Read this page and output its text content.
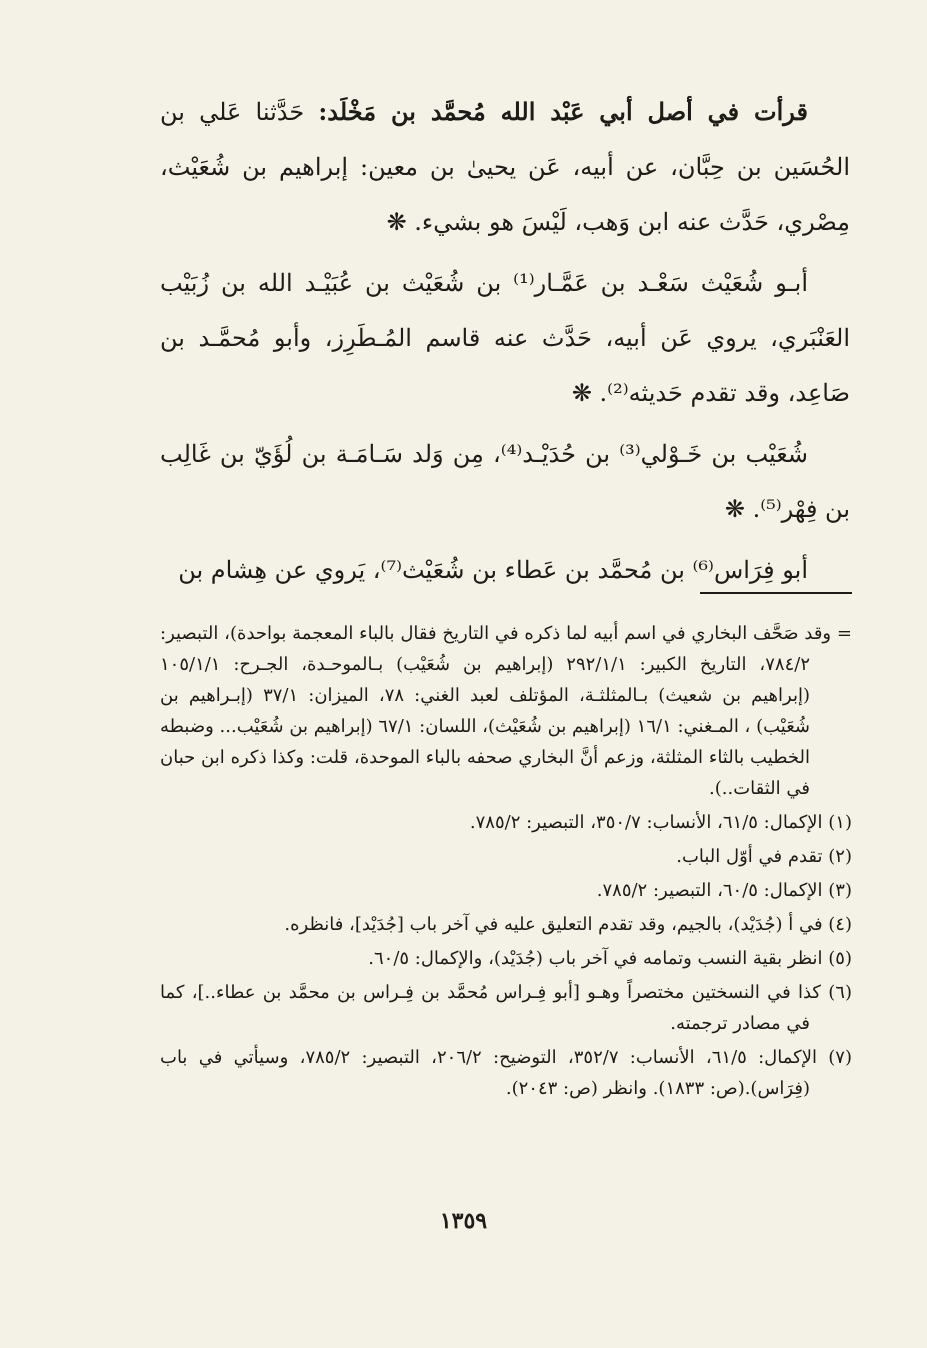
قرأت في أصل أبي عَبْد الله مُحمَّد بن مَخْلَد: حَدَّثنا عَلي بن الحُسَين بن حِبَّان، عن أبيه، عَن يحيىٰ بن معين: إبراهيم بن شُعَيْث، مِصْري، حَدَّث عنه ابن وَهب، لَيْسَ هو بشيء. ❋

أبـو شُعَيْث سَعْـد بن عَمَّـار⁽¹⁾ بن شُعَيْث بن عُبَيْـد الله بن زُبَيْب العَنْبَري، يروي عَن أبيه، حَدَّث عنه قاسم المُـطَرِز، وأبو مُحمَّـد بن صَاعِد، وقد تقدم حَديثه⁽²⁾. ❋

شُعَيْب بن خَـوْلي⁽³⁾ بن حُدَيْـد⁽⁴⁾، مِن وَلد سَـامَـة بن لُؤَيّ بن غَالِب بن فِهْر⁽⁵⁾. ❋

أبو فِرَاس⁽⁶⁾ بن مُحمَّد بن عَطاء بن شُعَيْث⁽⁷⁾، يَروي عن هِشام بن

= وقد صَحَّف البخاري في اسم أبيه لما ذكره في التاريخ فقال بالباء المعجمة بواحدة)، التبصير: ٧٨٤/٢، التاريخ الكبير: ٢٩٢/١/١ (إبراهيم بن شُعَيْب) بـالموحـدة، الجـرح: ١٠٥/١/١ (إبراهيم بن شعيث) بـالمثلثـة، المؤتلف لعبد الغني: ٧٨، الميزان: ٣٧/١ (إبـراهيم بن شُعَيْب) ، المـغني: ١٦/١ (إبراهيم بن شُعَيْث)، اللسان: ٦٧/١ (إبراهيم بن شُعَيْب... وضبطه الخطيب بالثاء المثلثة، وزعم أنَّ البخاري صحفه بالباء الموحدة، قلت: وكذا ذكره ابن حبان في الثقات..).

(١) الإكمال: ٦١/٥، الأنساب: ٣٥٠/٧، التبصير: ٧٨٥/٢.

(٢) تقدم في أوّل الباب.

(٣) الإكمال: ٦٠/٥، التبصير: ٧٨٥/٢.

(٤) في أ (جُدَيْد)، بالجيم، وقد تقدم التعليق عليه في آخر باب [جُدَيْد]، فانظره.

(٥) انظر بقية النسب وتمامه في آخر باب (جُدَيْد)، والإكمال: ٦٠/٥.

(٦) كذا في النسختين مختصراً وهـو [أبو فِـراس مُحمَّد بن فِـراس بن محمَّد بن عطاء..]، كما في مصادر ترجمته.

(٧) الإكمال: ٦١/٥، الأنساب: ٣٥٢/٧، التوضيح: ٢٠٦/٢، التبصير: ٧٨٥/٢، وسيأتي في باب (فِرَاس).(ص: ١٨٣٣). وانظر (ص: ٢٠٤٣).

١٣٥٩
